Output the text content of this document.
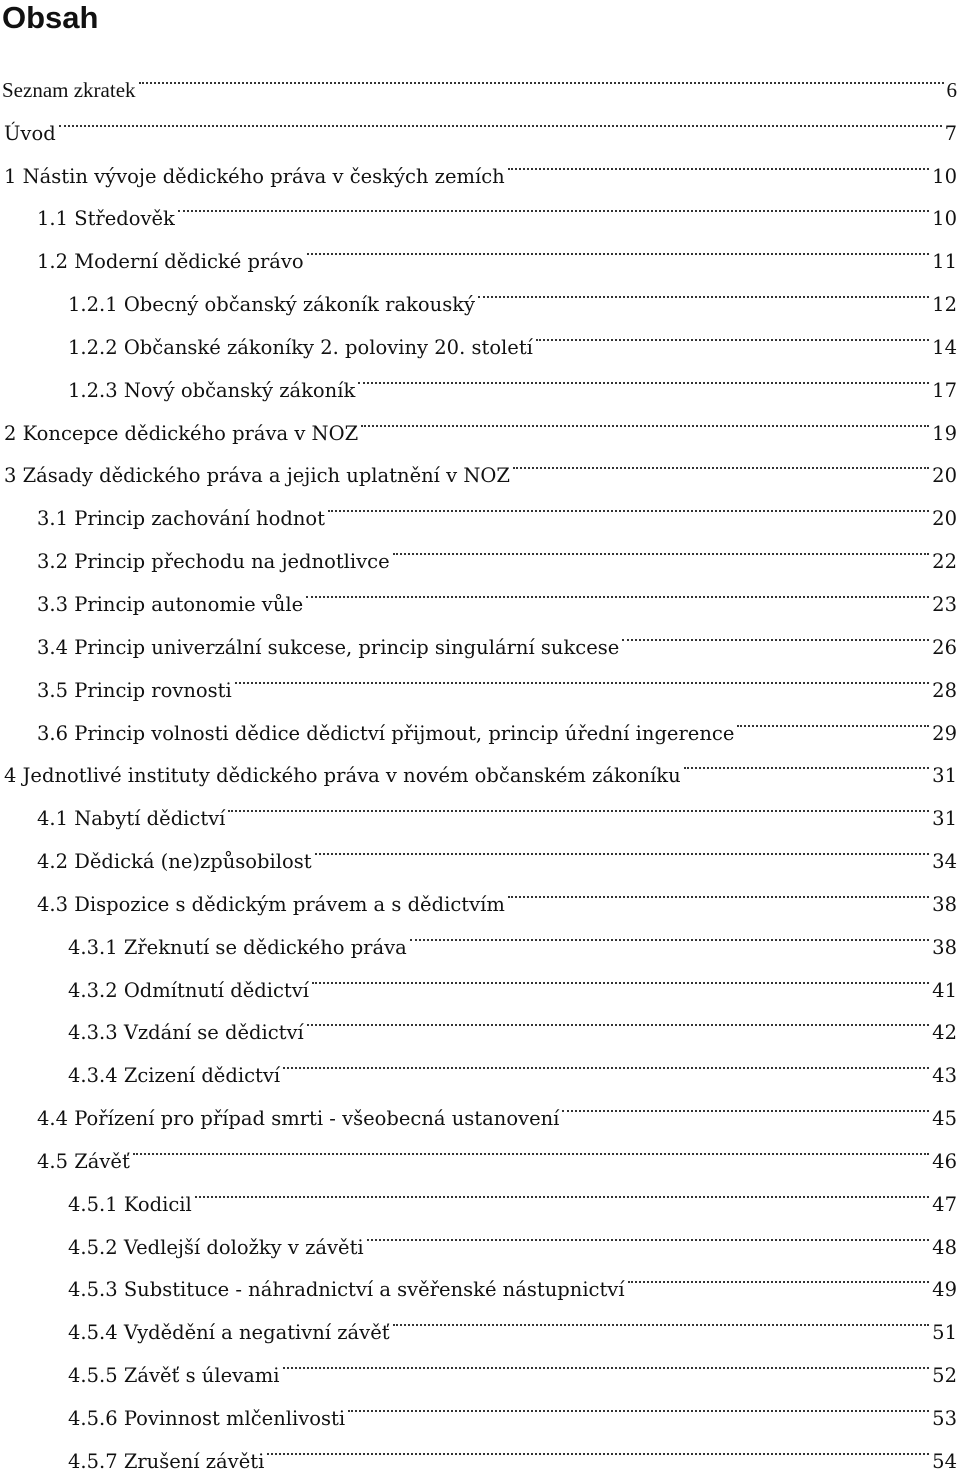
Obsah
Seznam zkratek	6
Úvod	7
1 Nástin vývoje dědického práva v českých zemích	10
1.1 Středověk	10
1.2 Moderní dědické právo	11
1.2.1 Obecný občanský zákoník rakouský	12
1.2.2 Občanské zákoníky 2. poloviny 20. století	14
1.2.3 Nový občanský zákoník	17
2 Koncepce dědického práva v NOZ	19
3 Zásady dědického práva a jejich uplatnění v NOZ	20
3.1 Princip zachování hodnot	20
3.2 Princip přechodu na jednotlivce	22
3.3 Princip autonomie vůle	23
3.4 Princip univerzální sukcese, princip singulární sukcese	26
3.5 Princip rovnosti	28
3.6 Princip volnosti dědice dědictví přijmout, princip úřední ingerence	29
4 Jednotlivé instituty dědického práva v novém občanském zákoníku	31
4.1 Nabytí dědictví	31
4.2 Dědická (ne)způsobilost	34
4.3 Dispozice s dědickým právem a s dědictvím	38
4.3.1 Zřeknutí se dědického práva	38
4.3.2 Odmítnutí dědictví	41
4.3.3 Vzdání se dědictví	42
4.3.4 Zcizení dědictví	43
4.4 Pořízení pro případ smrti - všeobecná ustanovení	45
4.5 Závěť	46
4.5.1 Kodicil	47
4.5.2 Vedlejší doložky v závěti	48
4.5.3 Substituce - náhradnictví a svěřenské nástupnictví	49
4.5.4 Vydědění a negativní závěť	51
4.5.5 Závěť s úlevami	52
4.5.6 Povinnost mlčenlivosti	53
4.5.7 Zrušení závěti	54
